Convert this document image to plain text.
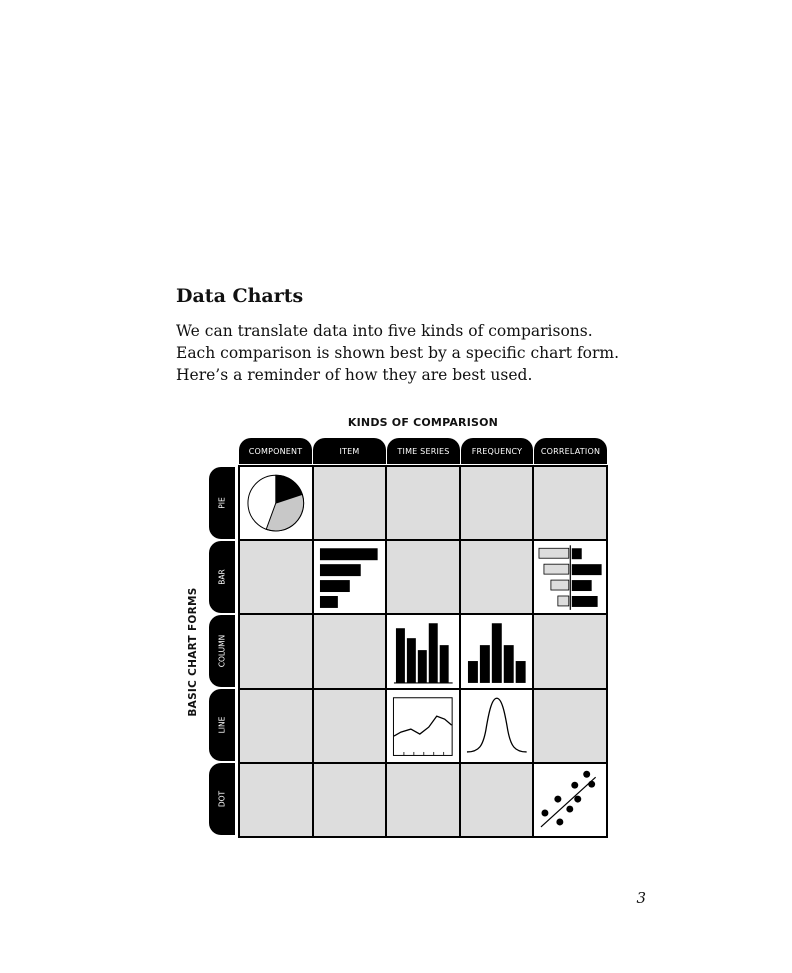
Data Charts
We can translate data into five kinds of comparisons.
Each comparison is shown best by a specific chart form.
Here’s a reminder of how they are best used.
KINDS OF COMPARISON
COMPONENT	ITEM	TIME SERIES	FREQUENCY	CORRELATION
BASIC CHART FORMS
PIE
BAR
COLUMN
LINE
DOT
3
